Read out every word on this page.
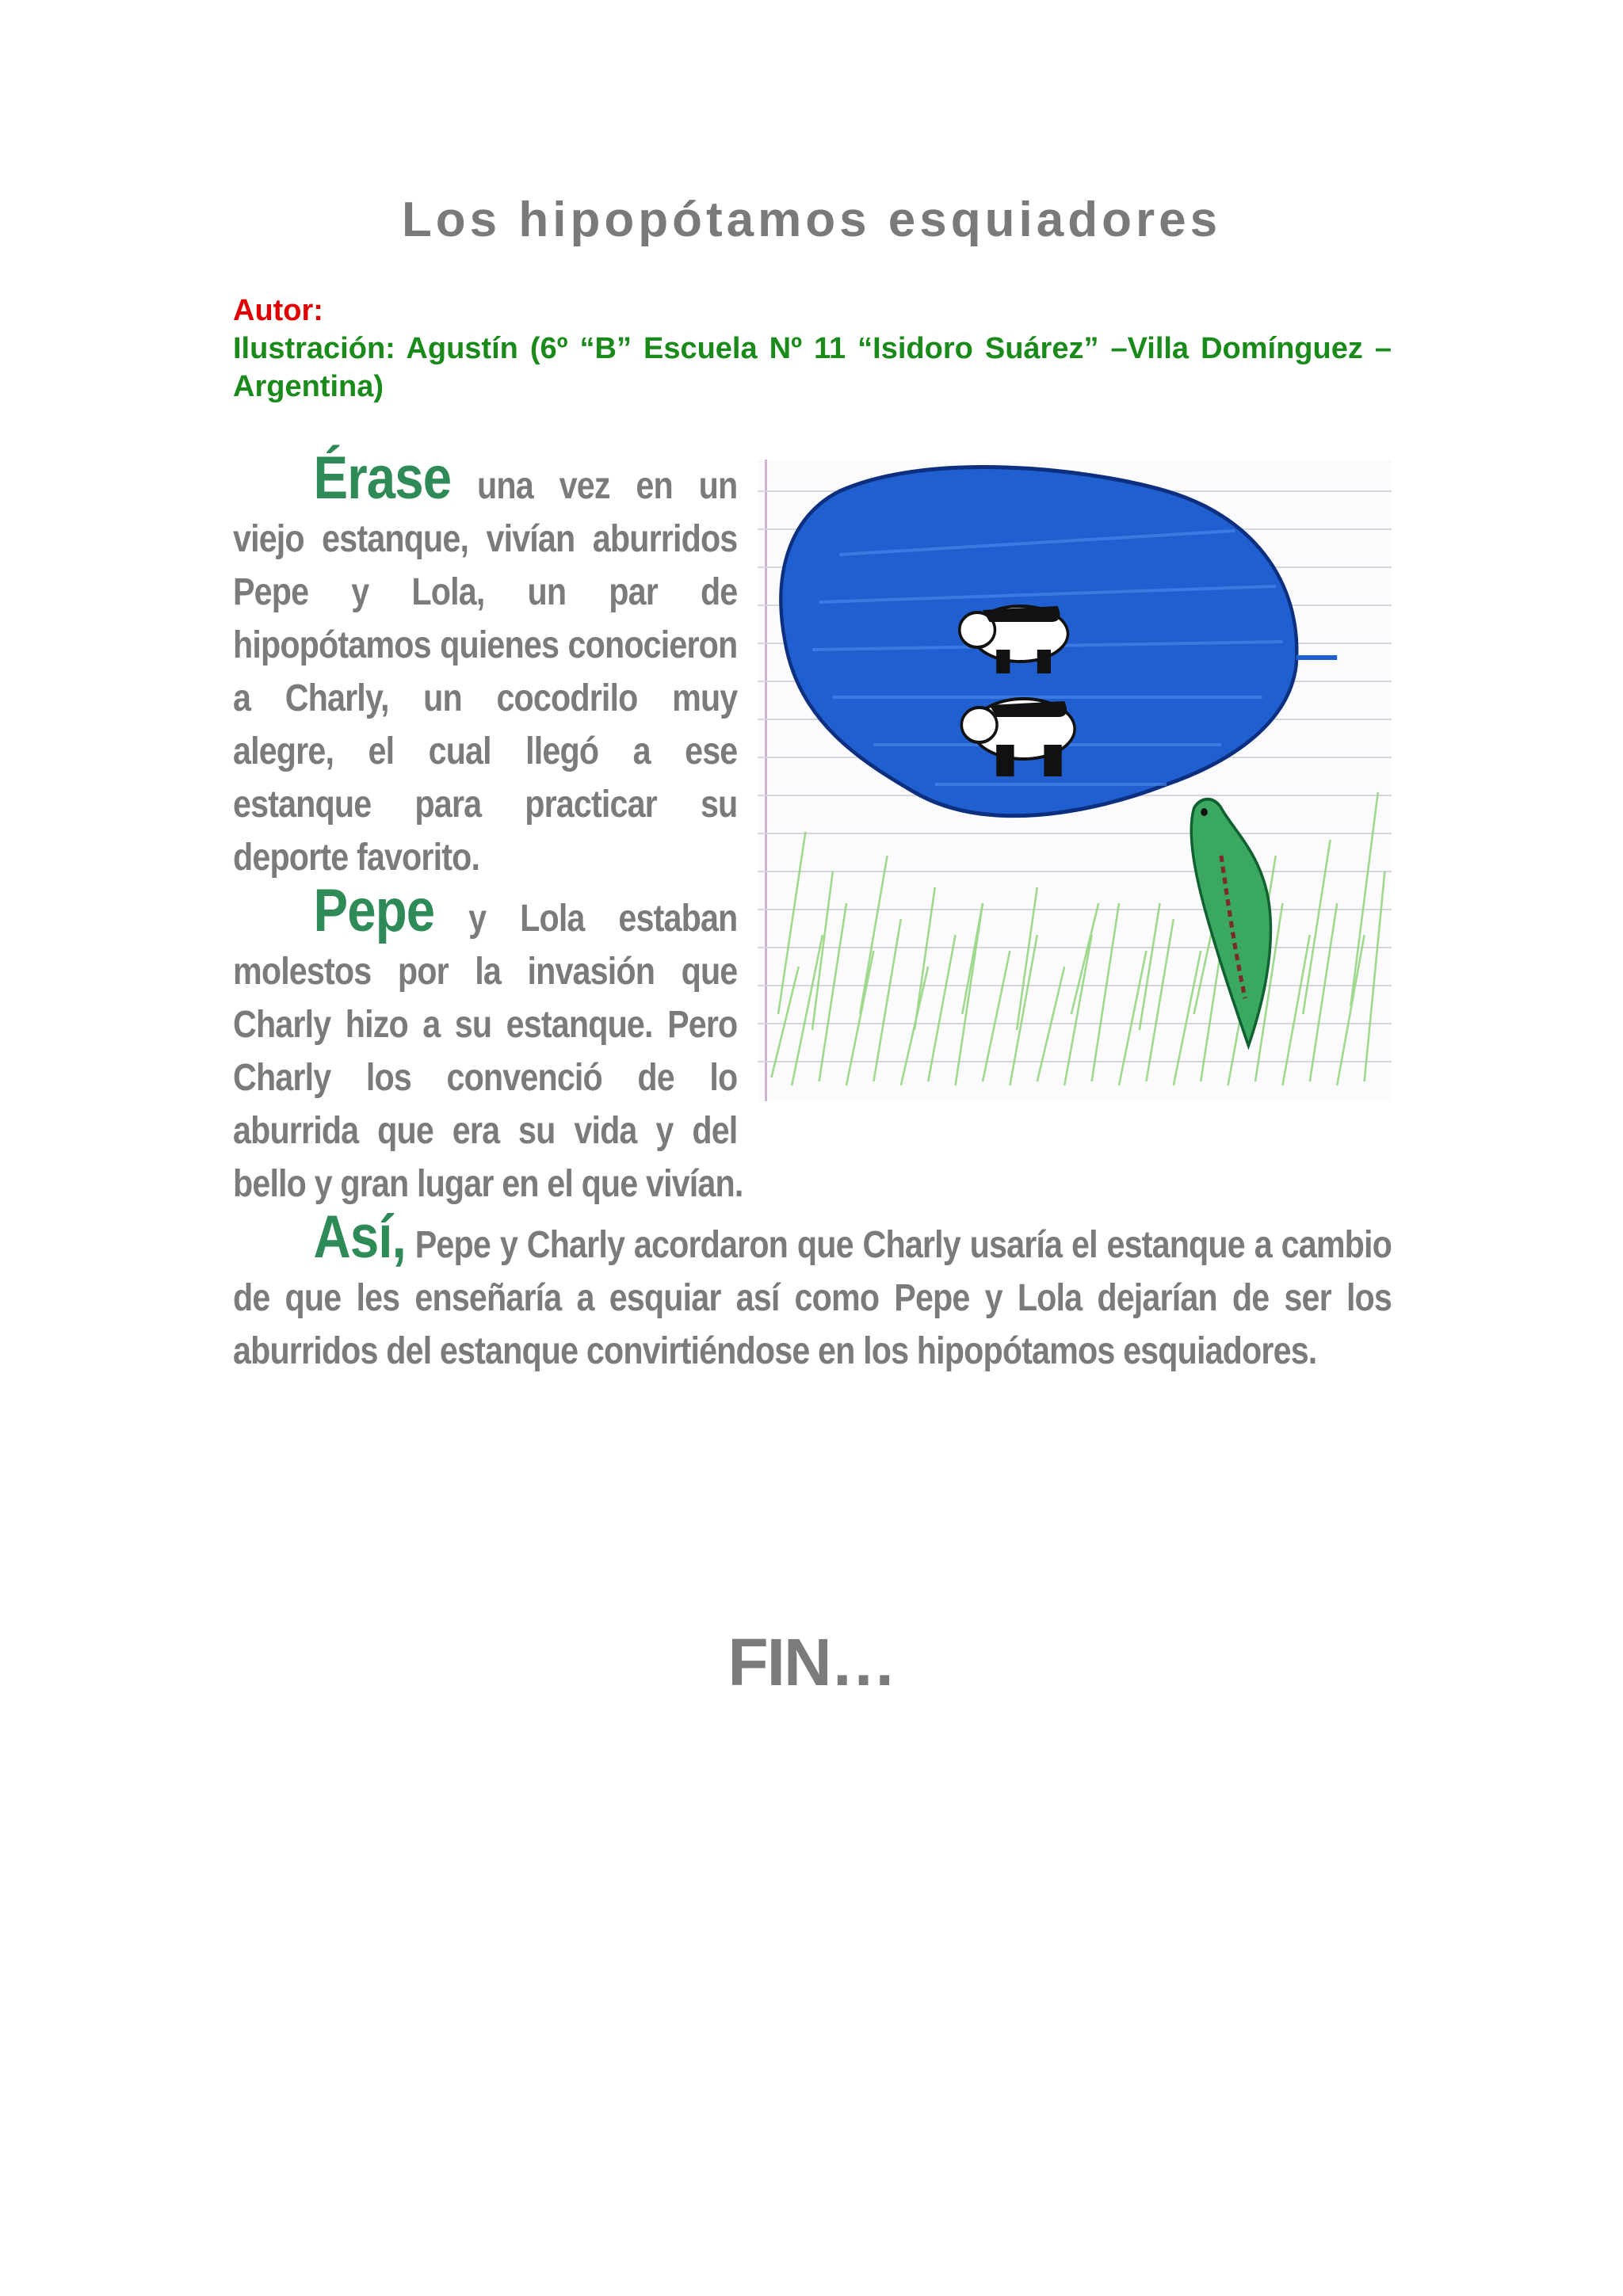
Los hipopótamos esquiadores
Autor:
Ilustración: Agustín (6º “B” Escuela Nº 11 “Isidoro Suárez” –Villa Domínguez – Argentina)

Érase una vez en un viejo estanque, vivían aburridos Pepe y Lola, un par de hipopótamos quienes conocieron a Charly, un cocodrilo muy alegre, el cual llegó a ese estanque para practicar su deporte favorito.

Pepe y Lola estaban molestos por la invasión que Charly hizo a su estanque. Pero Charly los convenció de lo aburrida que era su vida y del bello y gran lugar en el que vivían.

Así, Pepe y Charly acordaron que Charly usaría el estanque a cambio de que les enseñaría a esquiar así como Pepe y Lola dejarían de ser los aburridos del estanque convirtiéndose en los hipopótamos esquiadores.

FIN…
